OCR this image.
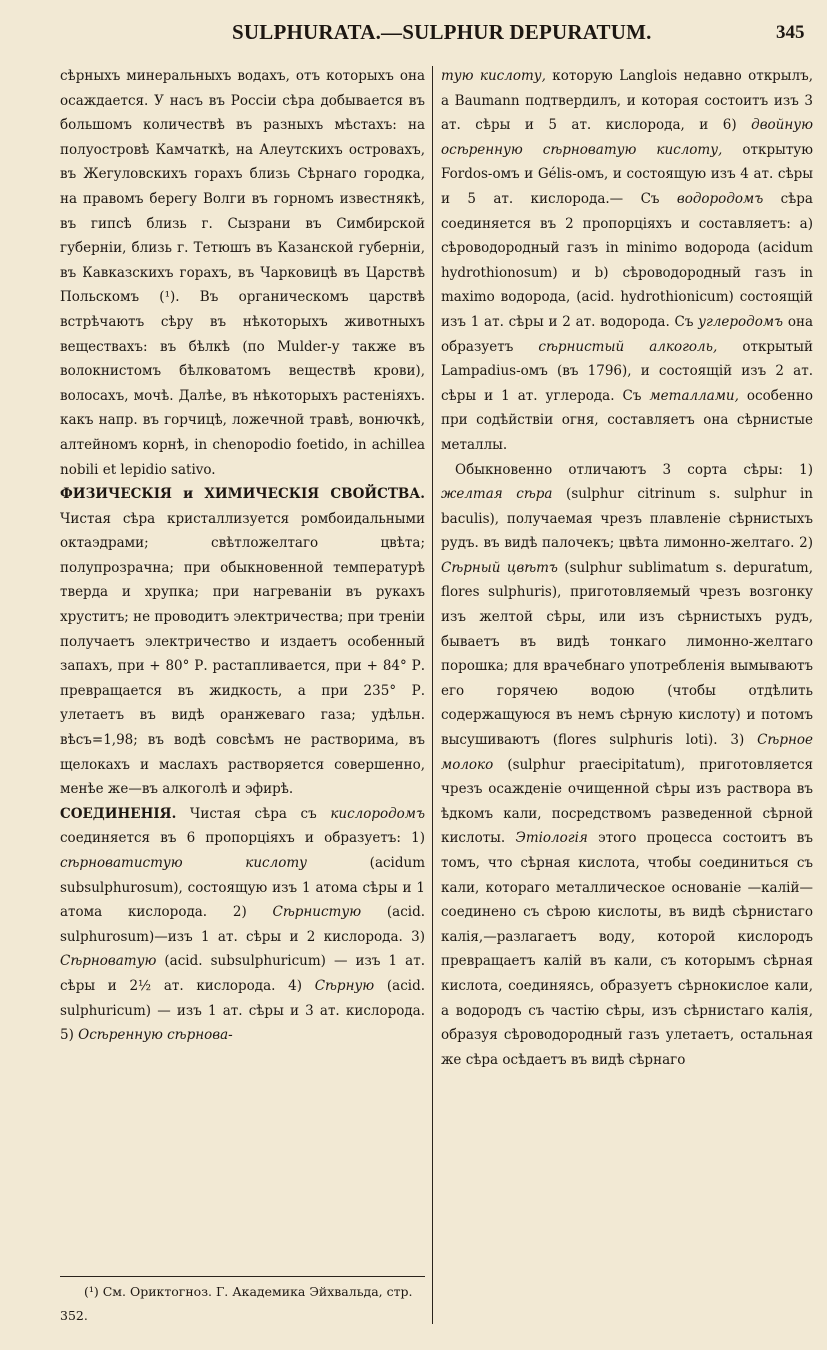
SULPHURATA.—SULPHUR DEPURATUM.	345

сѣрныхъ минеральныхъ водахъ, отъ которыхъ она осаждается. У насъ въ Россіи сѣра добывается въ большомъ количествѣ въ разныхъ мѣстахъ: на полуостровѣ Камчаткѣ, на Алеутскихъ островахъ, въ Жегуловскихъ горахъ близь Сѣрнаго городка, на правомъ берегу Волги въ горномъ известнякѣ, въ гипсѣ близь г. Сызрани въ Симбирской губерніи, близь г. Тетюшъ въ Казанской губерніи, въ Кавказскихъ горахъ, въ Чарковицѣ въ Царствѣ Польскомъ (¹). Въ органическомъ царствѣ встрѣчаютъ сѣру въ нѣкоторыхъ животныхъ веществахъ: въ бѣлкѣ (по Mulder-у также въ волокнистомъ бѣлковатомъ веществѣ крови), волосахъ, мочѣ. Далѣе, въ нѣкоторыхъ растеніяхъ. какъ напр. въ горчицѣ, ложечной травѣ, вонючкѣ, алтейномъ корнѣ, in chenopodio foetido, in achillea nobili et lepidio sativo.

ФИЗИЧЕСКІЯ и ХИМИЧЕСКІЯ СВОЙСТВА. Чистая сѣра кристаллизуется ромбоидальными октаэдрами; свѣтложелтаго цвѣта; полупрозрачна; при обыкновенной температурѣ тверда и хрупка; при нагреваніи въ рукахъ хруститъ; не проводитъ электричества; при треніи получаетъ электричество и издаетъ особенный запахъ, при + 80° Р. растапливается, при + 84° Р. превращается въ жидкость, а при 235° Р. улетаетъ въ видѣ оранжеваго газа; удѣльн. вѣсъ=1,98; въ водѣ совсѣмъ не растворима, въ щелокахъ и маслахъ растворяется совершенно, менѣе же—въ алкоголѣ и эфирѣ.

СОЕДИНЕНІЯ. Чистая сѣра съ кислородомъ соединяется въ 6 пропорціяхъ и образуетъ: 1) сѣрноватистую кислоту (acidum subsulphurosum), состоящую изъ 1 атома сѣры и 1 атома кислорода. 2) Сѣрнистую (acid. sulphurosum)—изъ 1 ат. сѣры и 2 кислорода. 3) Сѣрноватую (acid. subsulphuricum) — изъ 1 ат. сѣры и 2½ ат. кислорода. 4) Сѣрную (acid. sulphuricum) — изъ 1 ат. сѣры и 3 ат. кислорода. 5) Осѣренную сѣрнова-

(¹) См. Ориктогноз. Г. Академика Эйхвальда, стр. 352.

тую кислоту, которую Langlois недавно открылъ, а Baumann подтвердилъ, и которая состоитъ изъ 3 ат. сѣры и 5 ат. кислорода, и 6) двойную осѣренную сѣрноватую кислоту, открытую Fordos-омъ и Gélis-омъ, и состоящую изъ 4 ат. сѣры и 5 ат. кислорода.— Съ водородомъ сѣра соединяется въ 2 пропорціяхъ и составляетъ: a) сѣроводородный газъ in minimo водорода (acidum hydrothionosum) и b) сѣроводородный газъ in maximo водорода, (acid. hydrothionicum) состоящій изъ 1 ат. сѣры и 2 ат. водорода. Съ углеродомъ она образуетъ сѣрнистый алкоголь, открытый Lampadius-омъ (въ 1796), и состоящій изъ 2 ат. сѣры и 1 ат. углерода. Съ металлами, особенно при содѣйствіи огня, составляетъ она сѣрнистые металлы.

Обыкновенно отличаютъ 3 сорта сѣры: 1) желтая сѣра (sulphur citrinum s. sulphur in baculis), получаемая чрезъ плавленіе сѣрнистыхъ рудъ. въ видѣ палочекъ; цвѣта лимонно-желтаго. 2) Сѣрный цвѣтъ (sulphur sublimatum s. depuratum, flores sulphuris), приготовляемый чрезъ возгонку изъ желтой сѣры, или изъ сѣрнистыхъ рудъ, бываетъ въ видѣ тонкаго лимонно-желтаго порошка; для врачебнаго употребленія вымываютъ его горячею водою (чтобы отдѣлить содержащуюся въ немъ сѣрную кислоту) и потомъ высушиваютъ (flores sulphuris loti). 3) Сѣрное молоко (sulphur praecipitatum), приготовляется чрезъ осажденіе очищенной сѣры изъ раствора въ ѣдкомъ кали, посредствомъ разведенной сѣрной кислоты. Этіологія этого процесса состоитъ въ томъ, что сѣрная кислота, чтобы соединиться съ кали, котораго металлическое основаніе —калій—соединено съ сѣрою кислоты, въ видѣ сѣрнистаго калія,—разлагаетъ воду, которой кислородъ превращаетъ калій въ кали, съ которымъ сѣрная кислота, соединяясь, образуетъ сѣрнокислое кали, а водородъ съ частію сѣры, изъ сѣрнистаго калія, образуя сѣроводородный газъ улетаетъ, остальная же сѣра осѣдаетъ въ видѣ сѣрнаго
